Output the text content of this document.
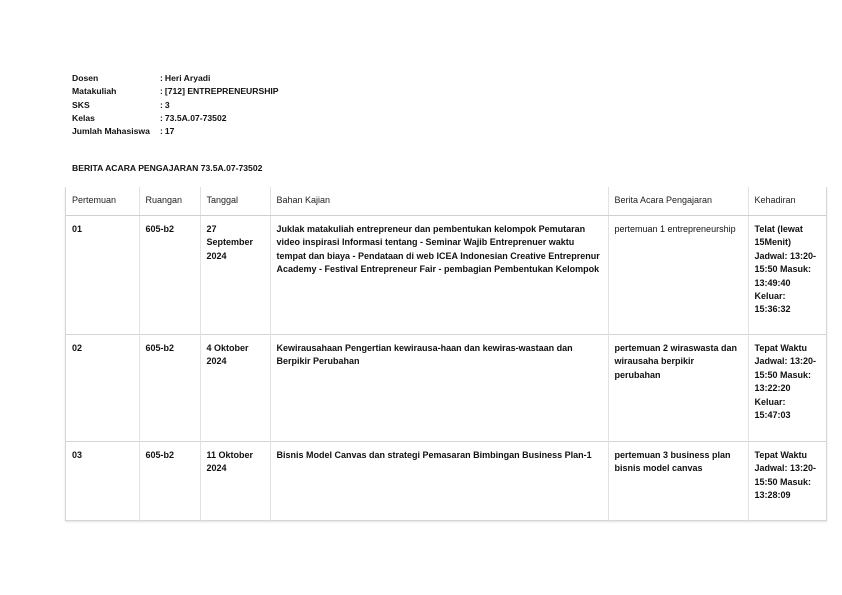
Dosen	: Heri Aryadi
Matakuliah	: [712] ENTREPRENEURSHIP
SKS	: 3
Kelas	: 73.5A.07-73502
Jumlah Mahasiswa	: 17
BERITA ACARA PENGAJARAN 73.5A.07-73502
Pertemuan	Ruangan	Tanggal	Bahan Kajian	Berita Acara Pengajaran	Kehadiran
01	605-b2	27 September 2024	Juklak matakuliah entrepreneur dan pembentukan kelompok Pemutaran video inspirasi Informasi tentang - Seminar Wajib Entreprenuer waktu tempat dan biaya - Pendataan di web ICEA Indonesian Creative Entreprenur Academy - Festival Entrepreneur Fair - pembagian Pembentukan Kelompok	pertemuan 1 entrepreneurship	Telat (lewat 15Menit) Jadwal: 13:20-15:50 Masuk: 13:49:40 Keluar: 15:36:32
02	605-b2	4 Oktober 2024	Kewirausahaan Pengertian kewirausa-haan dan kewiras-wastaan dan Berpikir Perubahan	pertemuan 2 wiraswasta dan wirausaha berpikir perubahan	Tepat Waktu Jadwal: 13:20-15:50 Masuk: 13:22:20 Keluar: 15:47:03
03	605-b2	11 Oktober 2024	Bisnis Model Canvas dan strategi Pemasaran Bimbingan Business Plan-1	pertemuan 3 business plan bisnis model canvas	Tepat Waktu Jadwal: 13:20-15:50 Masuk: 13:28:09
